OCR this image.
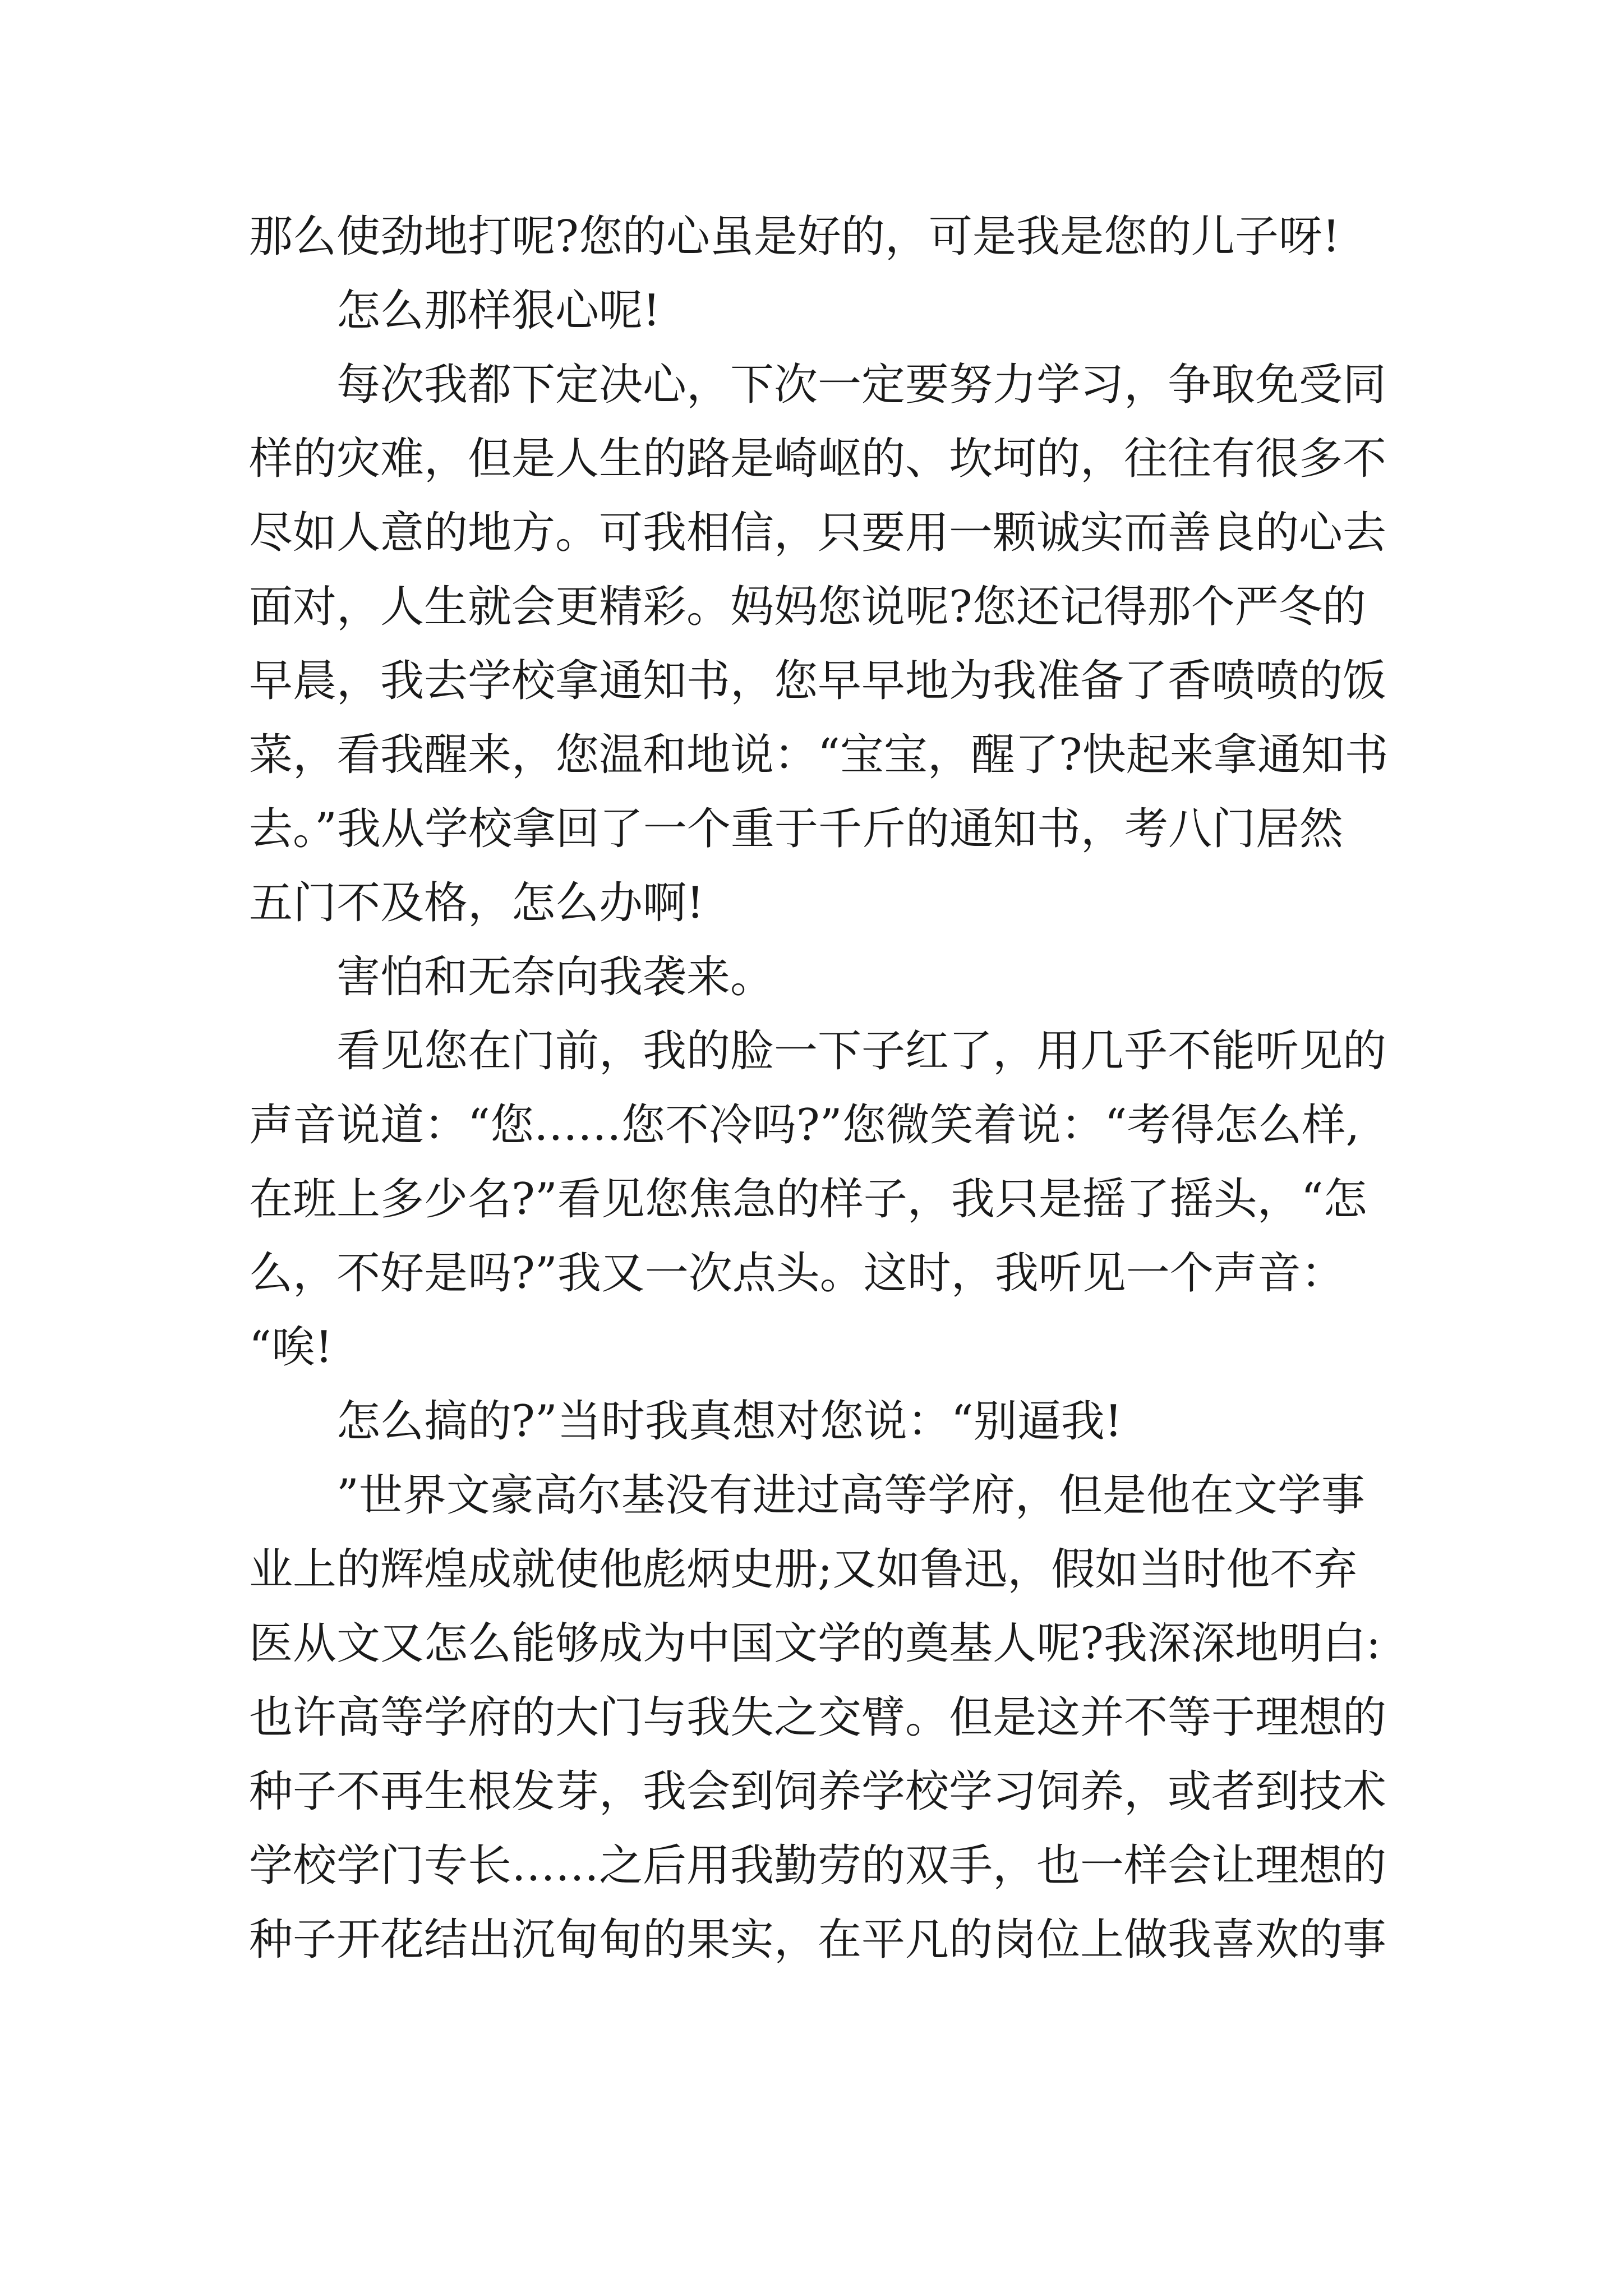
那么使劲地打呢?您的心虽是好的，可是我是您的儿子呀!
怎么那样狠心呢!
每次我都下定决心，下次一定要努力学习，争取免受同
样的灾难，但是人生的路是崎岖的、坎坷的，往往有很多不
尽如人意的地方。可我相信，只要用一颗诚实而善良的心去
面对，人生就会更精彩。妈妈您说呢?您还记得那个严冬的
早晨，我去学校拿通知书，您早早地为我准备了香喷喷的饭
菜，看我醒来，您温和地说：“宝宝，醒了?快起来拿通知书
去。”我从学校拿回了一个重于千斤的通知书，考八门居然
五门不及格，怎么办啊!
害怕和无奈向我袭来。
看见您在门前，我的脸一下子红了，用几乎不能听见的
声音说道：“您……您不冷吗?”您微笑着说：“考得怎么样,
在班上多少名?”看见您焦急的样子，我只是摇了摇头，“怎
么，不好是吗?”我又一次点头。这时，我听见一个声音：
“唉!
怎么搞的?”当时我真想对您说：“别逼我!
”世界文豪高尔基没有进过高等学府，但是他在文学事
业上的辉煌成就使他彪炳史册;又如鲁迅，假如当时他不弃
医从文又怎么能够成为中国文学的奠基人呢?我深深地明白:
也许高等学府的大门与我失之交臂。但是这并不等于理想的
种子不再生根发芽，我会到饲养学校学习饲养，或者到技术
学校学门专长……之后用我勤劳的双手，也一样会让理想的
种子开花结出沉甸甸的果实，在平凡的岗位上做我喜欢的事
